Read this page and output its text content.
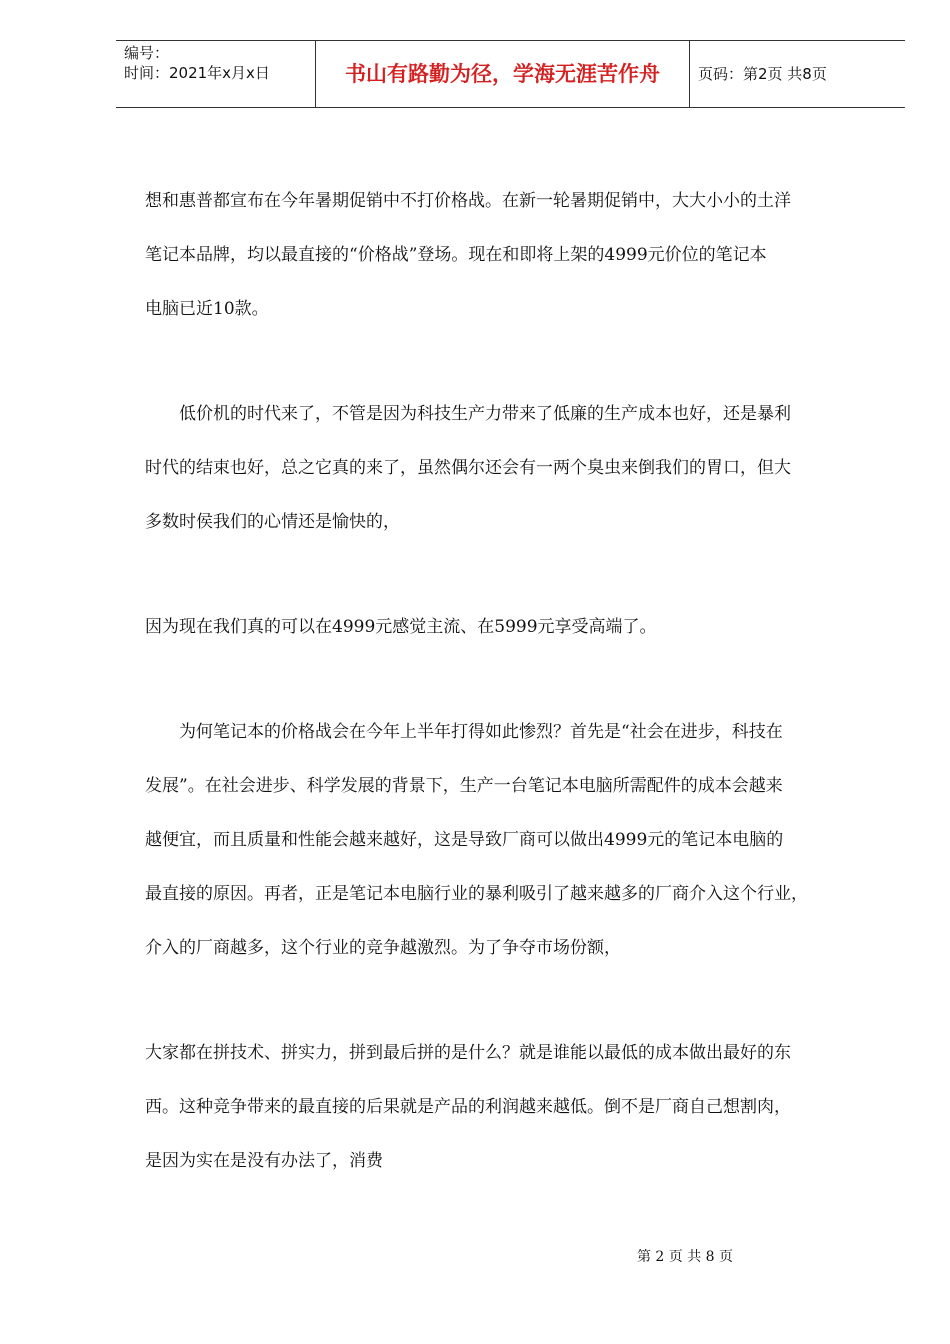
编号：
时间：2021年x月x日	书山有路勤为径，学海无涯苦作舟	页码：第2页 共8页
想和惠普都宣布在今年暑期促销中不打价格战。在新一轮暑期促销中，大大小小的土洋
笔记本品牌，均以最直接的“价格战”登场。现在和即将上架的4999元价位的笔记本
电脑已近10款。
低价机的时代来了，不管是因为科技生产力带来了低廉的生产成本也好，还是暴利
时代的结束也好，总之它真的来了，虽然偶尔还会有一两个臭虫来倒我们的胃口，但大
多数时侯我们的心情还是愉快的，
因为现在我们真的可以在4999元感觉主流、在5999元享受高端了。
为何笔记本的价格战会在今年上半年打得如此惨烈？首先是“社会在进步，科技在
发展”。在社会进步、科学发展的背景下，生产一台笔记本电脑所需配件的成本会越来
越便宜，而且质量和性能会越来越好，这是导致厂商可以做出4999元的笔记本电脑的
最直接的原因。再者，正是笔记本电脑行业的暴利吸引了越来越多的厂商介入这个行业，
介入的厂商越多，这个行业的竞争越激烈。为了争夺市场份额，
大家都在拼技术、拼实力，拼到最后拼的是什么？就是谁能以最低的成本做出最好的东
西。这种竞争带来的最直接的后果就是产品的利润越来越低。倒不是厂商自己想割肉，
是因为实在是没有办法了，消费
第 2 页 共 8 页
